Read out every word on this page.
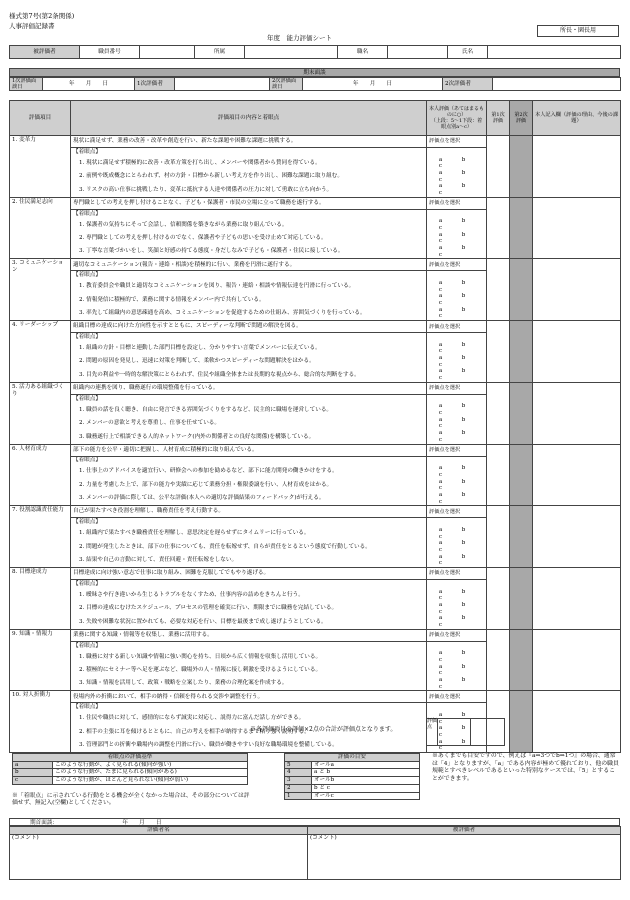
様式第7号(第2条関係)
人事評価記録書
所長・園長用
年度　 能力評価シート
被評価者	職員番号		所属		職名		氏名	
期末面談
1次評価面談日	年　　月　　日	1次評価者		2次評価面談日	年　　月　　日	2次評価者	
評価項目	評価項目の内容と着眼点	本人評価（あてはまるものに○）
（上段：5～1下段：着眼点別a～c）	第1次評価	第2次評価	本人記入欄（評価の理由、今後の課題）
1. 変革力	現状に満足せず、業務の改善・改革や創造を行い、新たな課題や困難な課題に挑戦する。	評価点を選択			
	【着眼点】				
	1. 現状に満足せず積極的に改善・改革方策を打ち出し、メンバーや関係者から賛同を得ている。	a bc			
	2. 前例や既成概念にとらわれず、村の方針・目標から新しい考え方を作り出し、困難な課題に取り組む。	a bc			
	3. リスクの高い仕事に挑戦したり、変革に抵抗する人達や関係者の圧力に対して勇敢に立ち向かう。	a bc			
2. 住民満足志向	専門職としての考えを押し付けることなく、子ども・保護者・市民の立場に立って職務を遂行する。	評価点を選択			
	【着眼点】				
	1. 保護者の気持ちにそって会話し、信頼関係を築きながら業務に取り組んでいる。	a bc			
	2. 専門職としての考えを押し付けるのでなく、保護者や子どもの思いを受け止めて対応している。	a bc			
	3. 丁寧な言葉づかいをし、笑顔と好感の持てる態度・身だしなみで子ども・保護者・住民に接している。	a bc			
3. コミュニケーション	適切なコミュニケーション(報告・連絡・相談)を積極的に行い、業務を円滑に遂行する。	評価点を選択			
	【着眼点】				
	1. 教育委員会や職員と適切なコミュニケーションを図り、報告・連絡・相談や情報伝達を円滑に行っている。	a bc			
	2. 情報発信に積極的で、業務に関する情報をメンバー内で共有している。	a bc			
	3. 率先して組織内の意思疎通を高め、コミュニケーションを促進するための仕組み、雰囲気づくりを行っている。	a bc			
4. リーダーシップ	組織目標の達成に向けた方向性を示すとともに、スピーディーな判断で問題の解決を図る。	評価点を選択			
	【着眼点】				
	1. 組織の方針・目標と連動した部門目標を設定し、分かりやすい言葉でメンバーに伝えている。	a bc			
	2. 問題の原因を発見し、迅速に対策を判断して、柔軟かつスピーディーな問題解決をはかる。	a bc			
	3. 目先の利益や一時的な解決策にとらわれず、住民や組織全体または長期的な視点から、総合的な判断をする。	a bc			
5. 活力ある組織づくり	組織内の連携を図り、職務遂行の環境整備を行っている。	評価点を選択			
	【着眼点】				
	1. 職員の話を良く聴き、自由に発言できる雰囲気づくりをするなど、民主的に職場を運営している。	a bc			
	2. メンバーの意欲と考えを尊重し、仕事を任せている。	a bc			
	3. 職務遂行上で相談できる人的ネットワーク(内外の関係者との良好な関係)を構築している。	a bc			
6. 人材育成力	部下の能力を公平・適切に把握し、人材育成に積極的に取り組んでいる。	評価点を選択			
	【着眼点】				
	1. 仕事上のアドバイスを適宜行い、研修会への参加を勧めるなど、部下に能力開発の働きかけをする。	a bc			
	2. 力量を考慮した上で、部下の能力や実績に応じて業務分担・権限委譲を行い、人材育成をはかる。	a bc			
	3. メンバーの評価に際しては、公平な評価(本人への適切な評価結果のフィードバック)が行える。	a bc			
7. 役割認識責任能力	自己が果たすべき役割を理解し、職務責任を考え行動する。	評価点を選択			
	【着眼点】				
	1. 組織内で果たすべき職務責任を理解し、意思決定を遅らせずにタイムリーに行っている。	a bc			
	2. 問題が発生したときは、部下の仕事についても、責任を転嫁せず、自らが責任をとるという態度で行動している。	a bc			
	3. 結果や自己の言動に対して、責任回避・責任転嫁をしない。	a bc			
8. 目標達成力	目標達成に向け強い意志で仕事に取り組み、困難を克服してでもやり遂げる。	評価点を選択			
	【着眼点】				
	1. 曖昧さや行き違いから生じるトラブルをなくすため、仕事内容の詰めをきちんと行う。	a bc			
	2. 目標の達成にむけたスケジュール、プロセスの管理を確実に行い、期限までに職務を完結している。	a bc			
	3. 失敗や困難な状況に置かれても、必要な対応を行い、目標を最後まで成し遂げようとしている。	a bc			
9. 知識・情報力	業務に関する知識・情報等を収集し、業務に活用する。	評価点を選択			
	【着眼点】				
	1. 職務に対する新しい知識や情報に強い関心を持ち、日頃から広く情報を収集し活用している。	a bc			
	2. 積極的にセミナー等へ足を運ぶなど、職場外の人・情報に接し刺激を受けるようにしている。	a bc			
	3. 知識・情報を活用して、政策・戦略を立案したり、業務の合理化案を作成する。	a bc			
10. 対人折衝力	役場内外の折衝において、相手の納得・信頼を得られる交渉や調整を行う。	評価点を選択			
	【着眼点】				
	1. 住民や職員に対して、感情的にならず誠実に対応し、説得力に富んだ話し方ができる。	a bc			
	2. 相手の主張に耳を傾けるとともに、自己の考えを相手が納得するまで粘り強く説明する。	a bc			
	3. 管理部門との折衝や職場内の調整を円滑に行い、職員が働きやすい良好な職場環境を整備している。	a bc			
※各評価項目の評価×2点の合計が評価点となります。
評価点
着眼点の評価基準	
a	このような行動が、よく見られる(傾向が強い)
b	このような行動が、たまに見られる(傾向がある)
c	このような行動が、ほとんど見られない(傾向が弱い)
※「着眼点」に示されている行動をとる機会が全くなかった場合は、その部分については評価せず、無記入(空欄)としてください。
評価の目安	
5	オールa
4	a と b
3	オールb
2	b と c
1	オールc
※あくまでも目安ですので、例えば『a⇒3つでb⇒1つ』の場合、通常は「4」となりますが、「a」である内容が極めて優れており、他の職員規範とすべきレベルであるといった特別なケースでは、「5」とすることができます。
期首面談：　　　　　　　　　　　　	年　　月　　日
評価者名	被評価者
(コメント)	(コメント)
